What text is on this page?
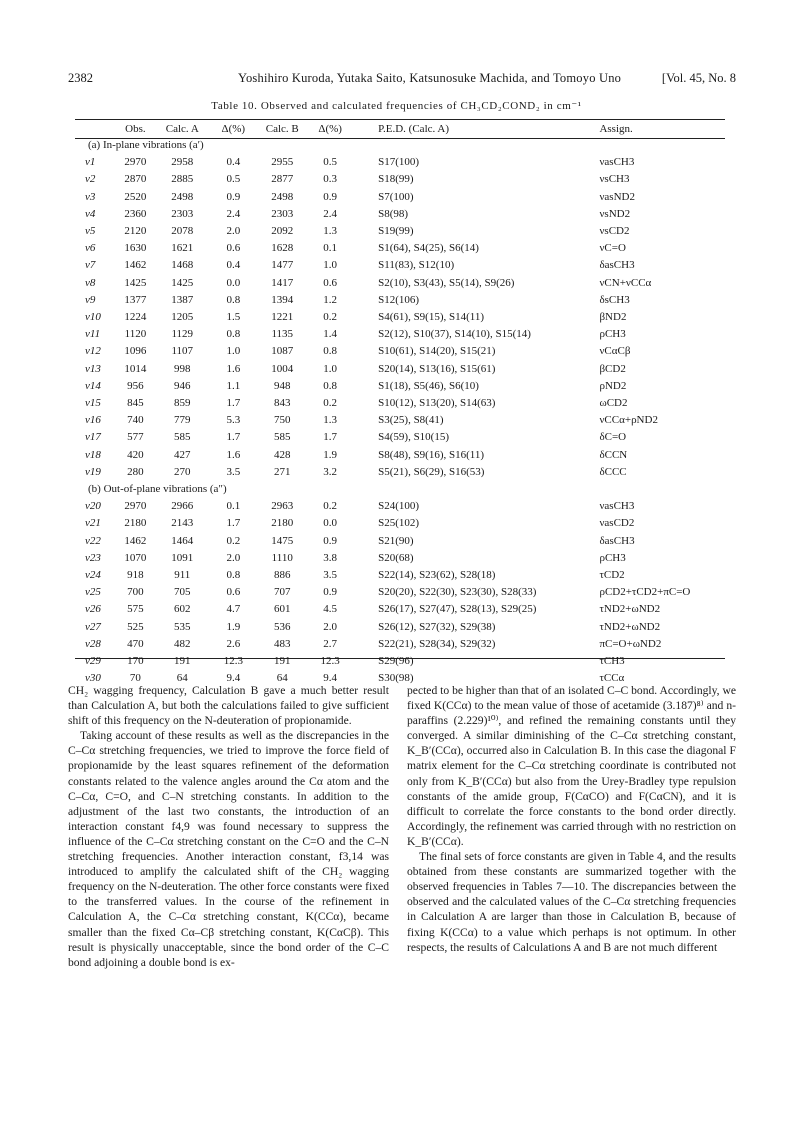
2382	Yoshihiro Kuroda, Yutaka Saito, Katsunosuke Machida, and Tomoyo Uno	[Vol. 45, No. 8
Table 10. Observed and calculated frequencies of CH₃CD₂COND₂ in cm⁻¹
	Obs.	Calc. A	Δ(%)	Calc. B	Δ(%)	P.E.D. (Calc. A)	Assign.
(a) In-plane vibrations (a′)							
ν1	2970	2958	0.4	2955	0.5	S17(100)	νasCH3
ν2	2870	2885	0.5	2877	0.3	S18(99)	νsCH3
ν3	2520	2498	0.9	2498	0.9	S7(100)	νasND2
ν4	2360	2303	2.4	2303	2.4	S8(98)	νsND2
ν5	2120	2078	2.0	2092	1.3	S19(99)	νsCD2
ν6	1630	1621	0.6	1628	0.1	S1(64), S4(25), S6(14)	νC=O
ν7	1462	1468	0.4	1477	1.0	S11(83), S12(10)	δasCH3
ν8	1425	1425	0.0	1417	0.6	S2(10), S3(43), S5(14), S9(26)	νCN+νCCα
ν9	1377	1387	0.8	1394	1.2	S12(106)	δsCH3
ν10	1224	1205	1.5	1221	0.2	S4(61), S9(15), S14(11)	βND2
ν11	1120	1129	0.8	1135	1.4	S2(12), S10(37), S14(10), S15(14)	ρCH3
ν12	1096	1107	1.0	1087	0.8	S10(61), S14(20), S15(21)	νCαCβ
ν13	1014	998	1.6	1004	1.0	S20(14), S13(16), S15(61)	βCD2
ν14	956	946	1.1	948	0.8	S1(18), S5(46), S6(10)	ρND2
ν15	845	859	1.7	843	0.2	S10(12), S13(20), S14(63)	ωCD2
ν16	740	779	5.3	750	1.3	S3(25), S8(41)	νCCα+ρND2
ν17	577	585	1.7	585	1.7	S4(59), S10(15)	δC=O
ν18	420	427	1.6	428	1.9	S8(48), S9(16), S16(11)	δCCN
ν19	280	270	3.5	271	3.2	S5(21), S6(29), S16(53)	δCCC
(b) Out-of-plane vibrations (a″)							
ν20	2970	2966	0.1	2963	0.2	S24(100)	νasCH3
ν21	2180	2143	1.7	2180	0.0	S25(102)	νasCD2
ν22	1462	1464	0.2	1475	0.9	S21(90)	δasCH3
ν23	1070	1091	2.0	1110	3.8	S20(68)	ρCH3
ν24	918	911	0.8	886	3.5	S22(14), S23(62), S28(18)	τCD2
ν25	700	705	0.6	707	0.9	S20(20), S22(30), S23(30), S28(33)	ρCD2+τCD2+πC=O
ν26	575	602	4.7	601	4.5	S26(17), S27(47), S28(13), S29(25)	τND2+ωND2
ν27	525	535	1.9	536	2.0	S26(12), S27(32), S29(38)	τND2+ωND2
ν28	470	482	2.6	483	2.7	S22(21), S28(34), S29(32)	πC=O+ωND2
ν29	170	191	12.3	191	12.3	S29(96)	τCH3
ν30	70	64	9.4	64	9.4	S30(98)	τCCα

CH₂ wagging frequency, Calculation B gave a much better result than Calculation A, but both the calculations failed to give sufficient shift of this frequency on the N-deuteration of propionamide.

Taking account of these results as well as the discrepancies in the C–Cα stretching frequencies, we tried to improve the force field of propionamide by the least squares refinement of the deformation constants related to the valence angles around the Cα atom and the C–Cα, C=O, and C–N stretching constants. In addition to the adjustment of the last two constants, the introduction of an interaction constant f4,9 was found necessary to suppress the influence of the C–Cα stretching constant on the C=O and the C–N stretching frequencies. Another interaction constant, f3,14 was introduced to amplify the calculated shift of the CH₂ wagging frequency on the N-deuteration. The other force constants were fixed to the transferred values. In the course of the refinement in Calculation A, the C–Cα stretching constant, K(CCα), became smaller than the fixed Cα–Cβ stretching constant, K(CαCβ). This result is physically unacceptable, since the bond order of the C–C bond adjoining a double bond is ex-

pected to be higher than that of an isolated C–C bond. Accordingly, we fixed K(CCα) to the mean value of those of acetamide (3.187)⁸⁾ and n-paraffins (2.229)¹⁰⁾, and refined the remaining constants until they converged. A similar diminishing of the C–Cα stretching constant, K_B′(CCα), occurred also in Calculation B. In this case the diagonal F matrix element for the C–Cα stretching coordinate is contributed not only from K_B′(CCα) but also from the Urey-Bradley type repulsion constants of the amide group, F(CαCO) and F(CαCN), and it is difficult to correlate the force constants to the bond order directly. Accordingly, the refinement was carried through with no restriction on K_B′(CCα).

The final sets of force constants are given in Table 4, and the results obtained from these constants are summarized together with the observed frequencies in Tables 7—10. The discrepancies between the observed and the calculated values of the C–Cα stretching frequencies in Calculation A are larger than those in Calculation B, because of fixing K(CCα) to a value which perhaps is not optimum. In other respects, the results of Calculations A and B are not much different
